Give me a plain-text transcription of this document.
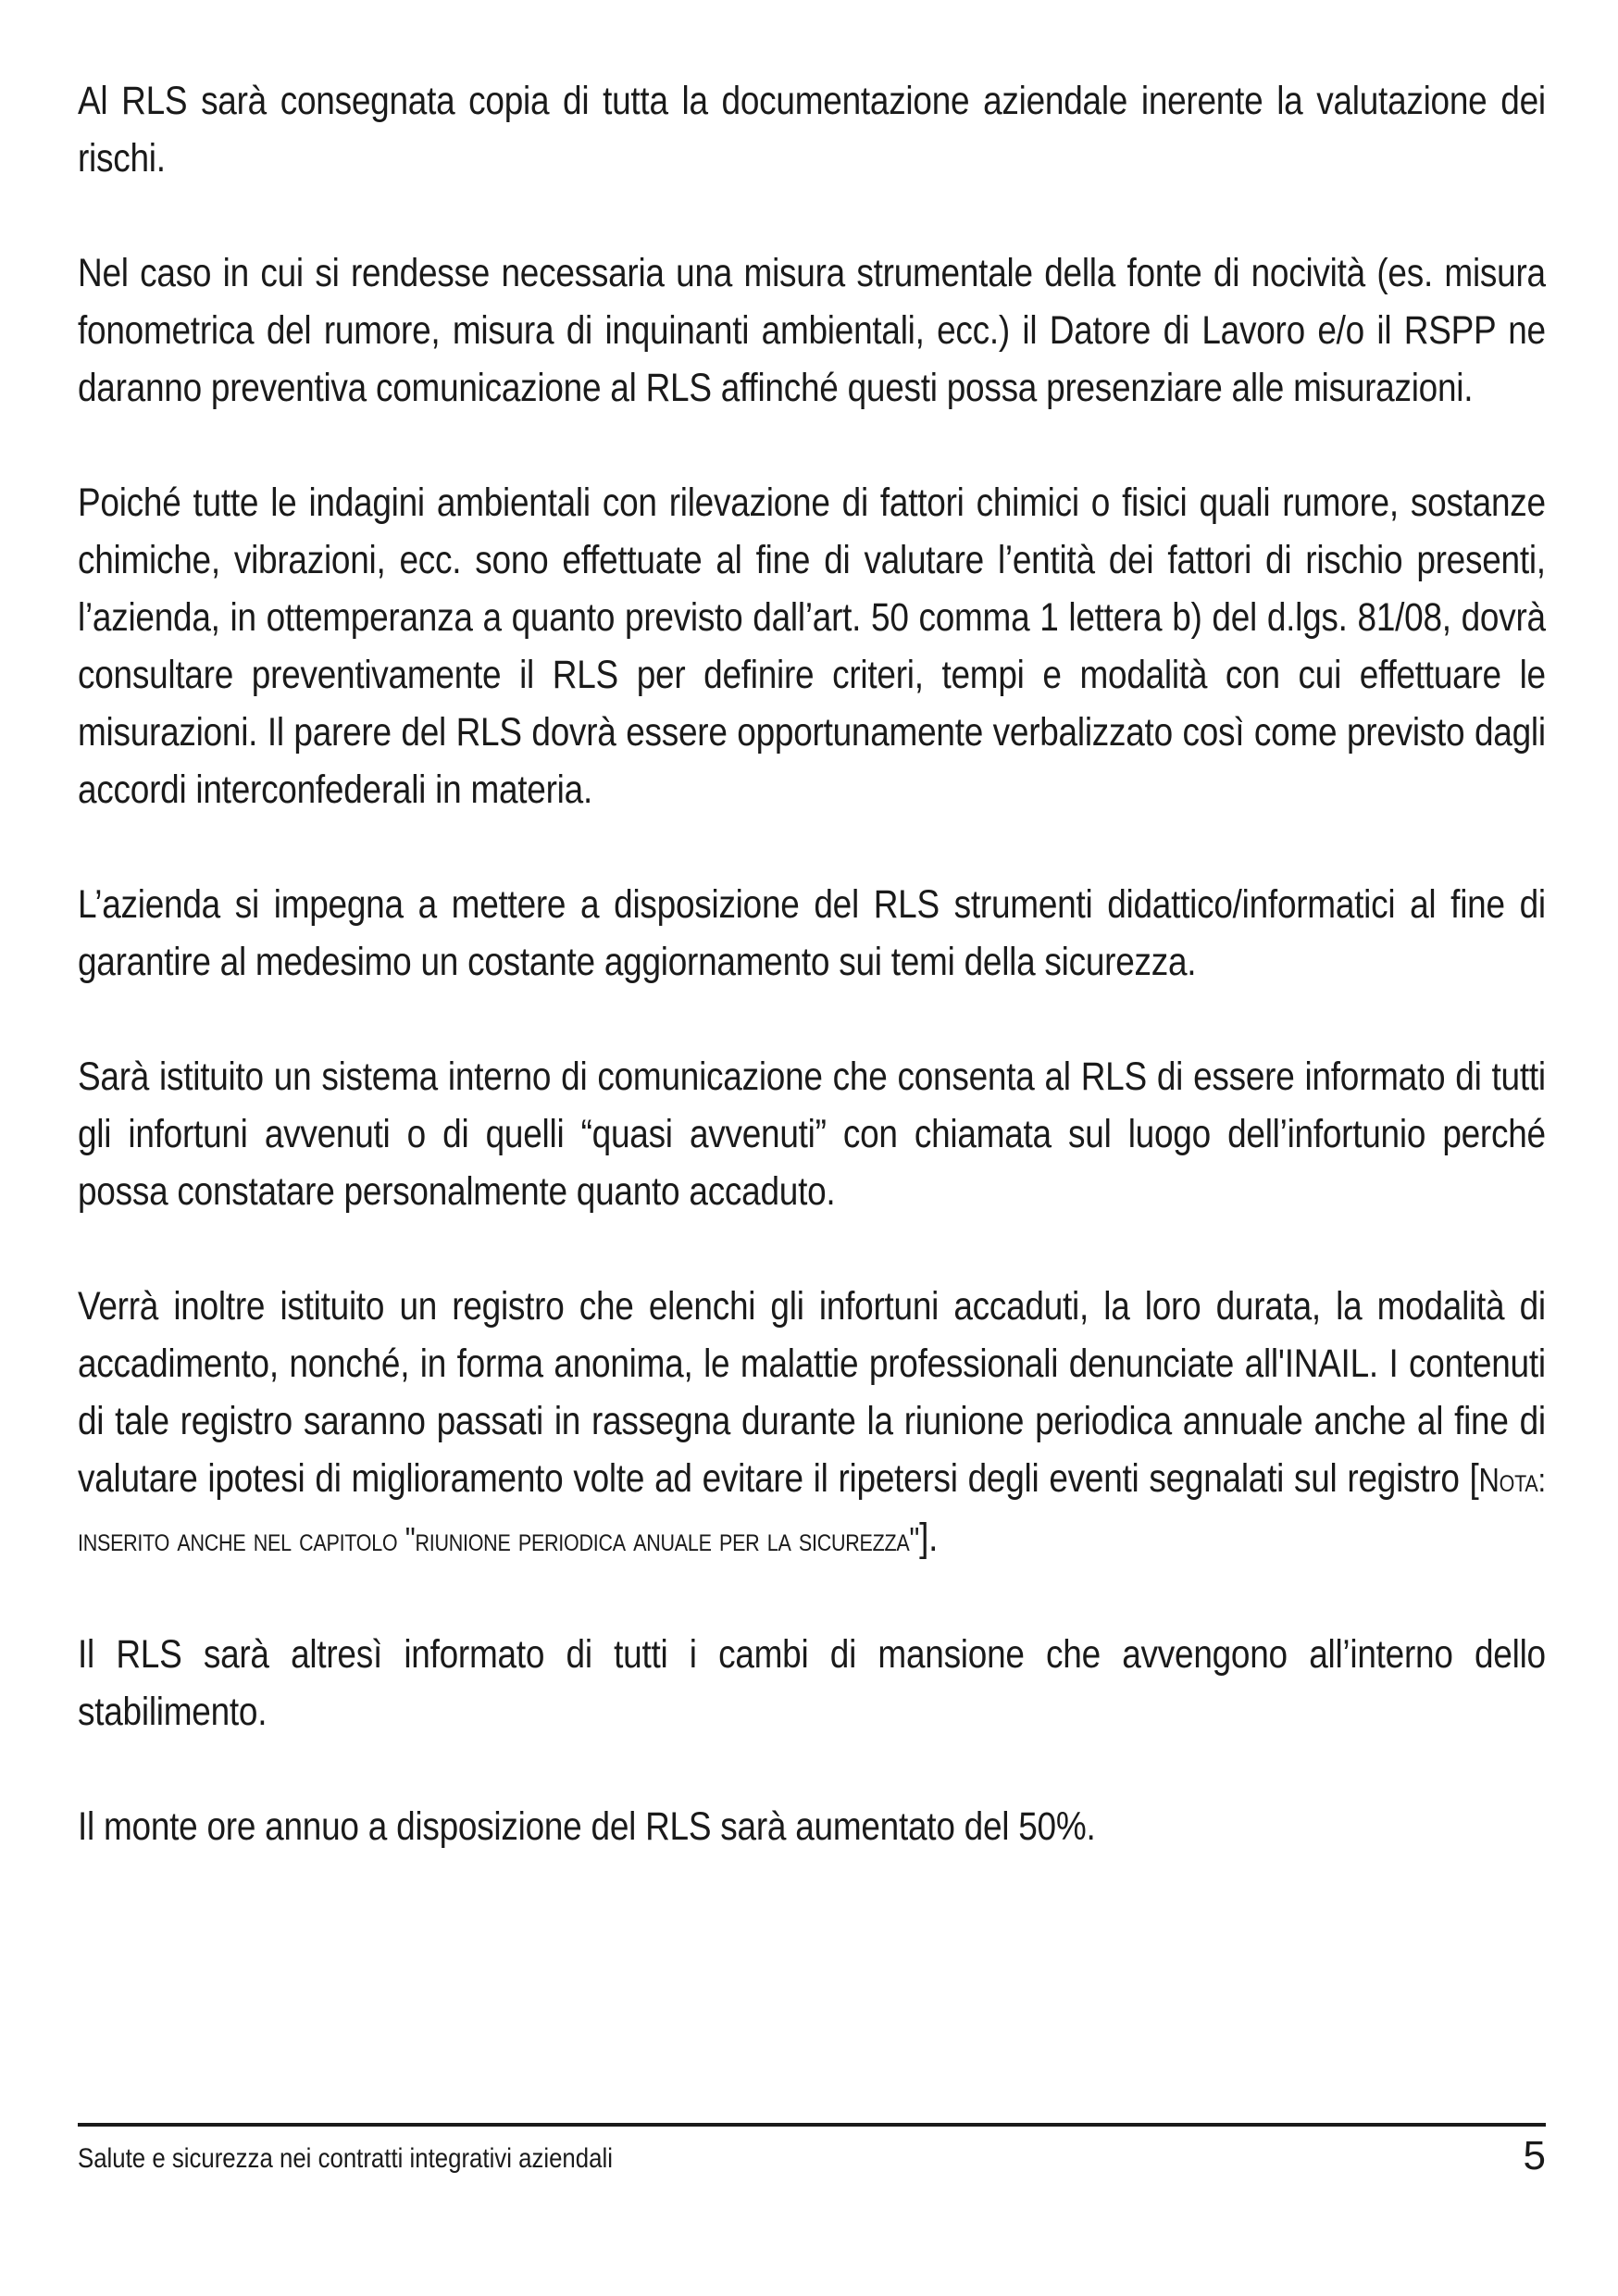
Al RLS sarà consegnata copia di tutta la documentazione aziendale inerente la valutazione dei rischi.

Nel caso in cui si rendesse necessaria una misura strumentale della fonte di nocività (es. misura fonometrica del rumore, misura di inquinanti ambientali, ecc.) il Datore di Lavoro e/o il RSPP ne daranno preventiva comunicazione al RLS affinché questi possa presenziare alle misurazioni.

Poiché tutte le indagini ambientali con rilevazione di fattori chimici o fisici quali rumore, sostanze chimiche, vibrazioni, ecc. sono effettuate al fine di valutare l’entità dei fattori di rischio presenti, l’azienda, in ottemperanza a quanto previsto dall’art. 50 comma 1 lettera b) del d.lgs. 81/08, dovrà consultare preventivamente il RLS per definire criteri, tempi e modalità con cui effettuare le misurazioni. Il parere del RLS dovrà essere opportunamente verbalizzato così come previsto dagli accordi interconfederali in materia.

L’azienda si impegna a mettere a disposizione del RLS strumenti didattico/informatici al fine di garantire al medesimo un costante aggiornamento sui temi della sicurezza.

Sarà istituito un sistema interno di comunicazione che consenta al RLS di essere informato di tutti gli infortuni avvenuti o di quelli “quasi avvenuti” con chiamata sul luogo dell’infortunio perché possa constatare personalmente quanto accaduto.

Verrà inoltre istituito un registro che elenchi gli infortuni accaduti, la loro durata, la modalità di accadimento, nonché, in forma anonima, le malattie professionali denunciate all'INAIL. I contenuti di tale registro saranno passati in rassegna durante la riunione periodica annuale anche al fine di valutare ipotesi di miglioramento volte ad evitare il ripetersi degli eventi segnalati sul registro [Nota: inserito anche nel capitolo "riunione periodica anuale per la sicurezza"].

Il RLS sarà altresì informato di tutti i cambi di mansione che avvengono all’interno dello stabilimento.

Il monte ore annuo a disposizione del RLS sarà aumentato del 50%.

Salute e sicurezza nei contratti integrativi aziendali	5
